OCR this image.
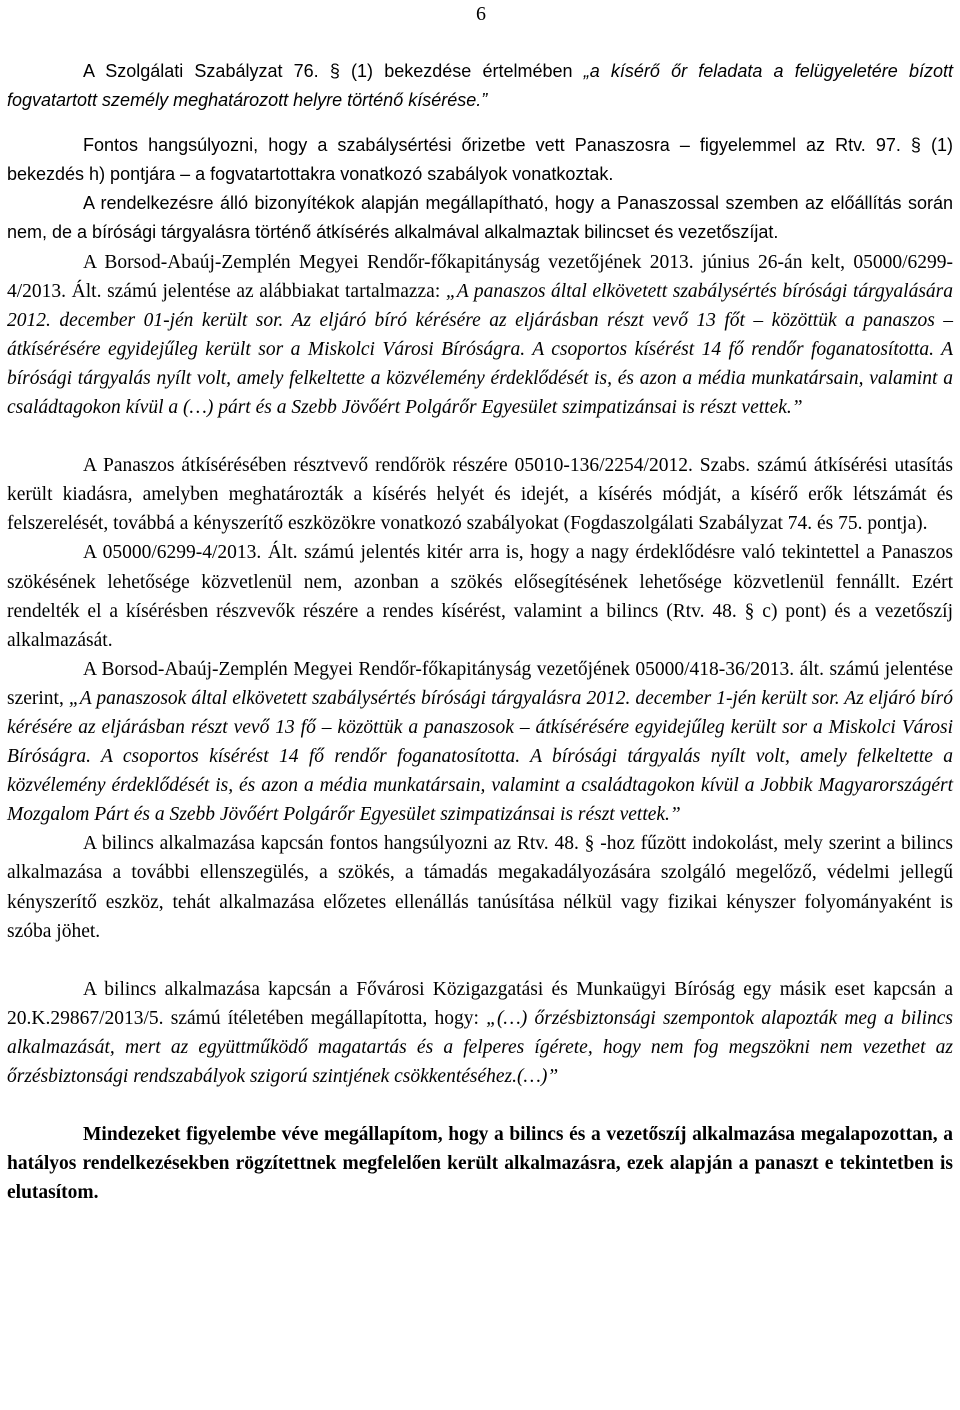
6

A Szolgálati Szabályzat 76. § (1) bekezdése értelmében „a kísérő őr feladata a felügyeletére bízott fogvatartott személy meghatározott helyre történő kísérése.”

Fontos hangsúlyozni, hogy a szabálysértési őrizetbe vett Panaszosra – figyelemmel az Rtv. 97. § (1) bekezdés h) pontjára – a fogvatartottakra vonatkozó szabályok vonatkoztak.

A rendelkezésre álló bizonyítékok alapján megállapítható, hogy a Panaszossal szemben az előállítás során nem, de a bírósági tárgyalásra történő átkísérés alkalmával alkalmaztak bilincset és vezetőszíjat.

A Borsod-Abaúj-Zemplén Megyei Rendőr-főkapitányság vezetőjének 2013. június 26-án kelt, 05000/6299-4/2013. Ált. számú jelentése az alábbiakat tartalmazza: „A panaszos által elkövetett szabálysértés bírósági tárgyalására 2012. december 01-jén került sor. Az eljáró bíró kérésére az eljárásban részt vevő 13 főt – közöttük a panaszos – átkísérésére egyidejűleg került sor a Miskolci Városi Bíróságra. A csoportos kísérést 14 fő rendőr foganatosította. A bírósági tárgyalás nyílt volt, amely felkeltette a közvélemény érdeklődését is, és azon a média munkatársain, valamint a családtagokon kívül a (…) párt és a Szebb Jövőért Polgárőr Egyesület szimpatizánsai is részt vettek.”

A Panaszos átkísérésében résztvevő rendőrök részére 05010-136/2254/2012. Szabs. számú átkísérési utasítás került kiadásra, amelyben meghatározták a kísérés helyét és idejét, a kísérés módját, a kísérő erők létszámát és felszerelését, továbbá a kényszerítő eszközökre vonatkozó szabályokat (Fogdaszolgálati Szabályzat 74. és 75. pontja).

A 05000/6299-4/2013. Ált. számú jelentés kitér arra is, hogy a nagy érdeklődésre való tekintettel a Panaszos szökésének lehetősége közvetlenül nem, azonban a szökés elősegítésének lehetősége közvetlenül fennállt. Ezért rendelték el a kísérésben részvevők részére a rendes kísérést, valamint a bilincs (Rtv. 48. § c) pont) és a vezetőszíj alkalmazását.

A Borsod-Abaúj-Zemplén Megyei Rendőr-főkapitányság vezetőjének 05000/418-36/2013. ált. számú jelentése szerint, „A panaszosok által elkövetett szabálysértés bírósági tárgyalásra 2012. december 1-jén került sor. Az eljáró bíró kérésére az eljárásban részt vevő 13 fő – közöttük a panaszosok – átkísérésére egyidejűleg került sor a Miskolci Városi Bíróságra. A csoportos kísérést 14 fő rendőr foganatosította. A bírósági tárgyalás nyílt volt, amely felkeltette a közvélemény érdeklődését is, és azon a média munkatársain, valamint a családtagokon kívül a Jobbik Magyarországért Mozgalom Párt és a Szebb Jövőért Polgárőr Egyesület szimpatizánsai is részt vettek.”

A bilincs alkalmazása kapcsán fontos hangsúlyozni az Rtv. 48. § -hoz fűzött indokolást, mely szerint a bilincs alkalmazása a további ellenszegülés, a szökés, a támadás megakadályozására szolgáló megelőző, védelmi jellegű kényszerítő eszköz, tehát alkalmazása előzetes ellenállás tanúsítása nélkül vagy fizikai kényszer folyományaként is szóba jöhet.

A bilincs alkalmazása kapcsán a Fővárosi Közigazgatási és Munkaügyi Bíróság egy másik eset kapcsán a 20.K.29867/2013/5. számú ítéletében megállapította, hogy: „(…) őrzésbiztonsági szempontok alapozták meg a bilincs alkalmazását, mert az együttműködő magatartás és a felperes ígérete, hogy nem fog megszökni nem vezethet az őrzésbiztonsági rendszabályok szigorú szintjének csökkentéséhez.(…)”

Mindezeket figyelembe véve megállapítom, hogy a bilincs és a vezetőszíj alkalmazása megalapozottan, a hatályos rendelkezésekben rögzítettnek megfelelően került alkalmazásra, ezek alapján a panaszt e tekintetben is elutasítom.
